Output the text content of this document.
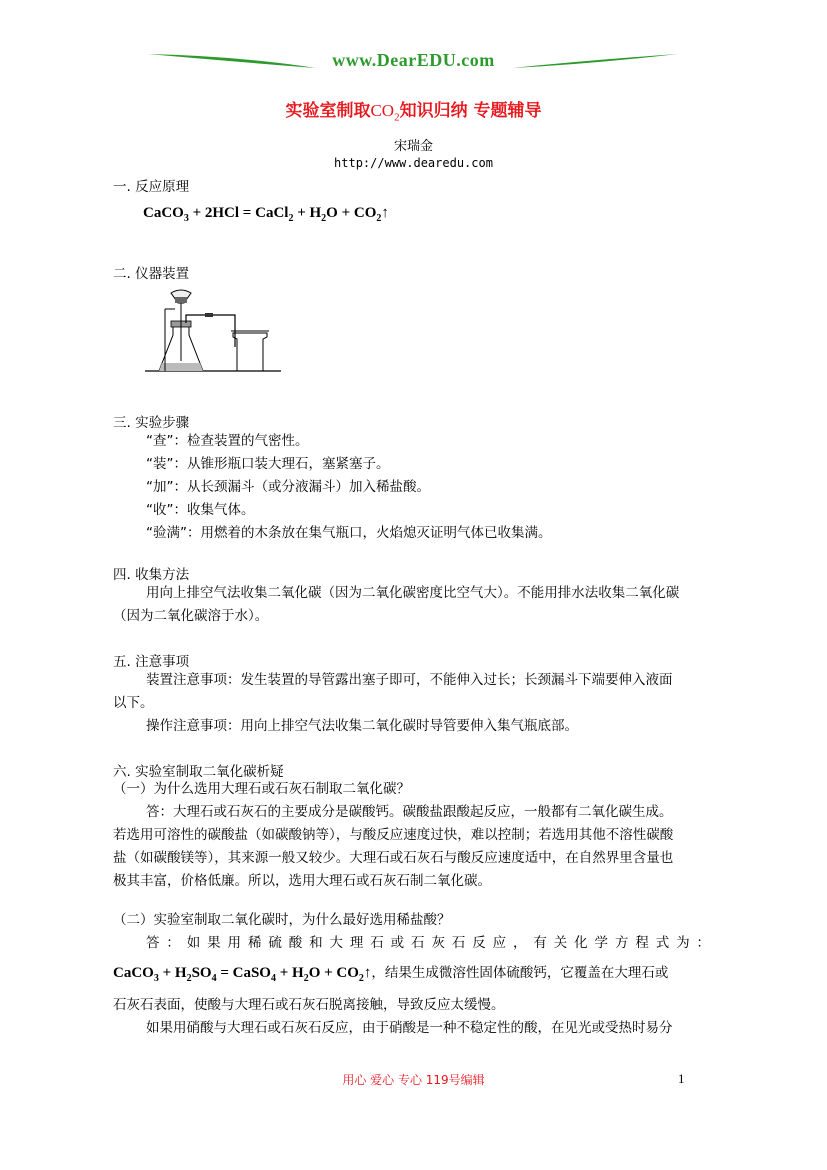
www.DearEDU.com
实验室制取$CO_2$知识归纳 专题辅导
宋瑞金
http://www.dearedu.com
一. 反应原理
CaCO$_3$ + 2HCl = CaCl$_2$ + $H_2O$ + $CO_2↑$
二. 仪器装置
三. 实验步骤
“查”：检查装置的气密性。
“装”：从锥形瓶口装大理石，塞紧塞子。
“加”：从长颈漏斗（或分液漏斗）加入稀盐酸。
“收”：收集气体。
“验满”：用燃着的木条放在集气瓶口，火焰熄灭证明气体已收集满。
四. 收集方法
用向上排空气法收集二氧化碳（因为二氧化碳密度比空气大）。不能用排水法收集二氧化碳
（因为二氧化碳溶于水）。
五. 注意事项
装置注意事项：发生装置的导管露出塞子即可，不能伸入过长；长颈漏斗下端要伸入液面
以下。
操作注意事项：用向上排空气法收集二氧化碳时导管要伸入集气瓶底部。
六. 实验室制取二氧化碳析疑
（一）为什么选用大理石或石灰石制取二氧化碳？
答：大理石或石灰石的主要成分是碳酸钙。碳酸盐跟酸起反应，一般都有二氧化碳生成。
若选用可溶性的碳酸盐（如碳酸钠等），与酸反应速度过快，难以控制；若选用其他不溶性碳酸
盐（如碳酸镁等），其来源一般又较少。大理石或石灰石与酸反应速度适中，在自然界里含量也
极其丰富，价格低廉。所以，选用大理石或石灰石制二氧化碳。
（二）实验室制取二氧化碳时，为什么最好选用稀盐酸？
答：如果用稀硫酸和大理石或石灰石反应，有关化学方程式为：
CaCO$_3$ + $H_2SO_4$ = CaSO$_4$ + $H_2O$ + $CO_2↑$，结果生成微溶性固体硫酸钙，它覆盖在大理石或
石灰石表面，使酸与大理石或石灰石脱离接触，导致反应太缓慢。
如果用硝酸与大理石或石灰石反应，由于硝酸是一种不稳定性的酸，在见光或受热时易分
用心 爱心 专心 119号编辑	1
